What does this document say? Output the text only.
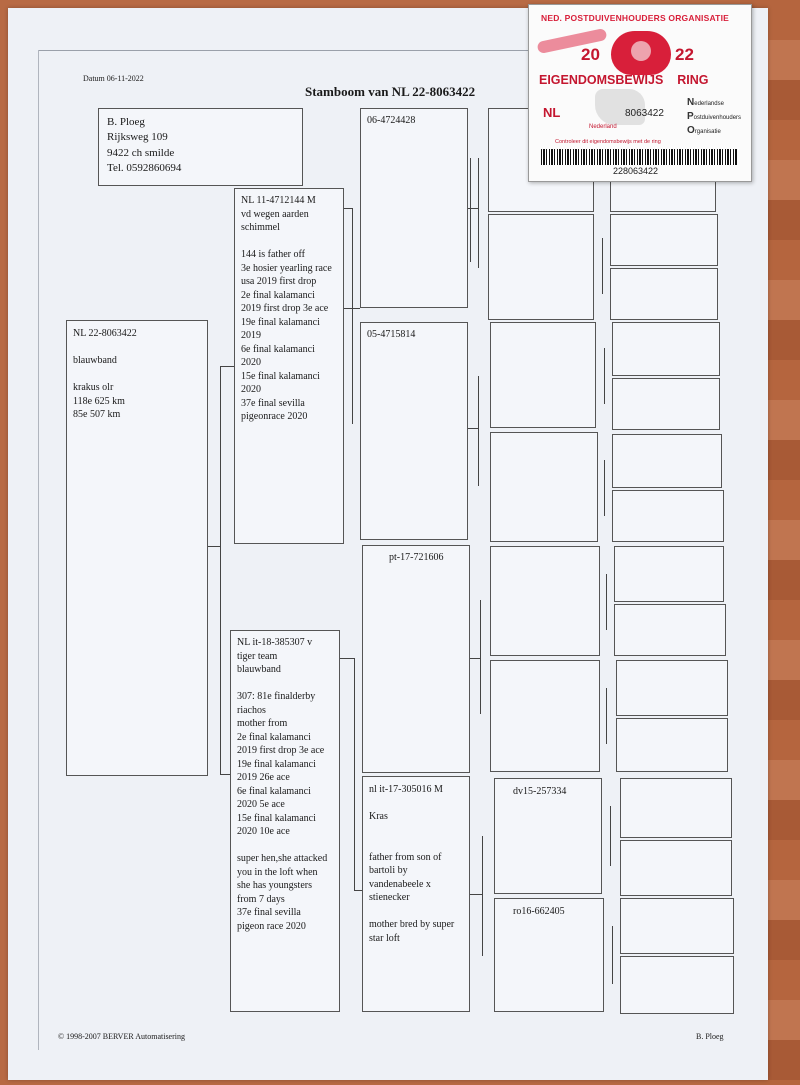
Datum 06-11-2022
Stamboom van NL 22-8063422
B. Ploeg
Rijksweg 109
9422 ch smilde
Tel. 0592860694
NL 22-8063422

blauwband

krakus olr
118e 625 km
85e 507 km
NL 11-4712144 M
vd wegen aarden
schimmel

144 is father off
3e hosier yearling race
usa 2019 first drop
2e final kalamanci
2019 first drop 3e ace
19e final kalamanci
2019
6e final kalamanci
2020
15e final kalamanci
2020
37e final sevilla
pigeonrace 2020
NL it-18-385307 v
tiger team
blauwband

307: 81e finalderby
riachos
mother from
2e final kalamanci
2019 first drop 3e ace
19e final kalamanci
2019 26e ace
6e final kalamanci
2020 5e ace
15e final kalamanci
2020 10e ace

super hen,she attacked
you in the loft when
she has youngsters
from 7 days
37e final sevilla
pigeon race 2020
06-4724428
05-4715814
pt-17-721606
nl it-17-305016 M

Kras

father from son of
bartoli by
vandenabeele x
stienecker

mother bred by super
star loft
dv15-257334
ro16-662405
© 1998-2007 BERVER Automatisering	B. Ploeg
NED. POSTDUIVENHOUDERS ORGANISATIE
20	22
EIGENDOMSBEWIJS RING
NL	8063422
Nederland
Nederlandse
Postduivenhouders
Organisatie
Controleer dit eigendomsbewijs met de ring
228063422
